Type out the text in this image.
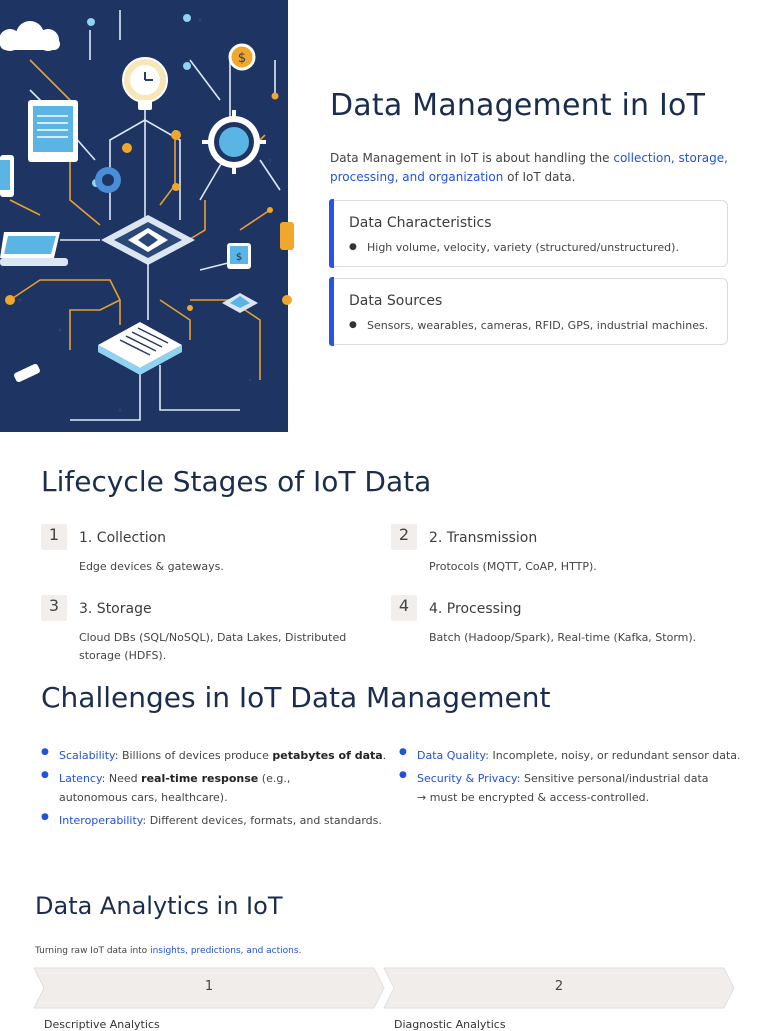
$
$
Data Management in IoT

Data Management in IoT is about handling the collection, storage,
processing, and organization of IoT data.

Data Characteristics
● High volume, velocity, variety (structured/unstructured).
Data Sources
● Sensors, wearables, cameras, RFID, GPS, industrial machines.
Lifecycle Stages of IoT Data
1	1. Collection
Edge devices & gateways.
2	2. Transmission
Protocols (MQTT, CoAP, HTTP).
3	3. Storage
Cloud DBs (SQL/NoSQL), Data Lakes, Distributed storage (HDFS).
4	4. Processing
Batch (Hadoop/Spark), Real-time (Kafka, Storm).
Challenges in IoT Data Management
● Scalability: Billions of devices produce petabytes of data.
● Latency: Need real-time response (e.g.,
autonomous cars, healthcare).
● Interoperability: Different devices, formats, and standards.
● Data Quality: Incomplete, noisy, or redundant sensor data.
● Security & Privacy: Sensitive personal/industrial data
→ must be encrypted & access-controlled.
Data Analytics in IoT

Turning raw IoT data into insights, predictions, and actions.

1	2
Descriptive Analytics	Diagnostic Analytics
